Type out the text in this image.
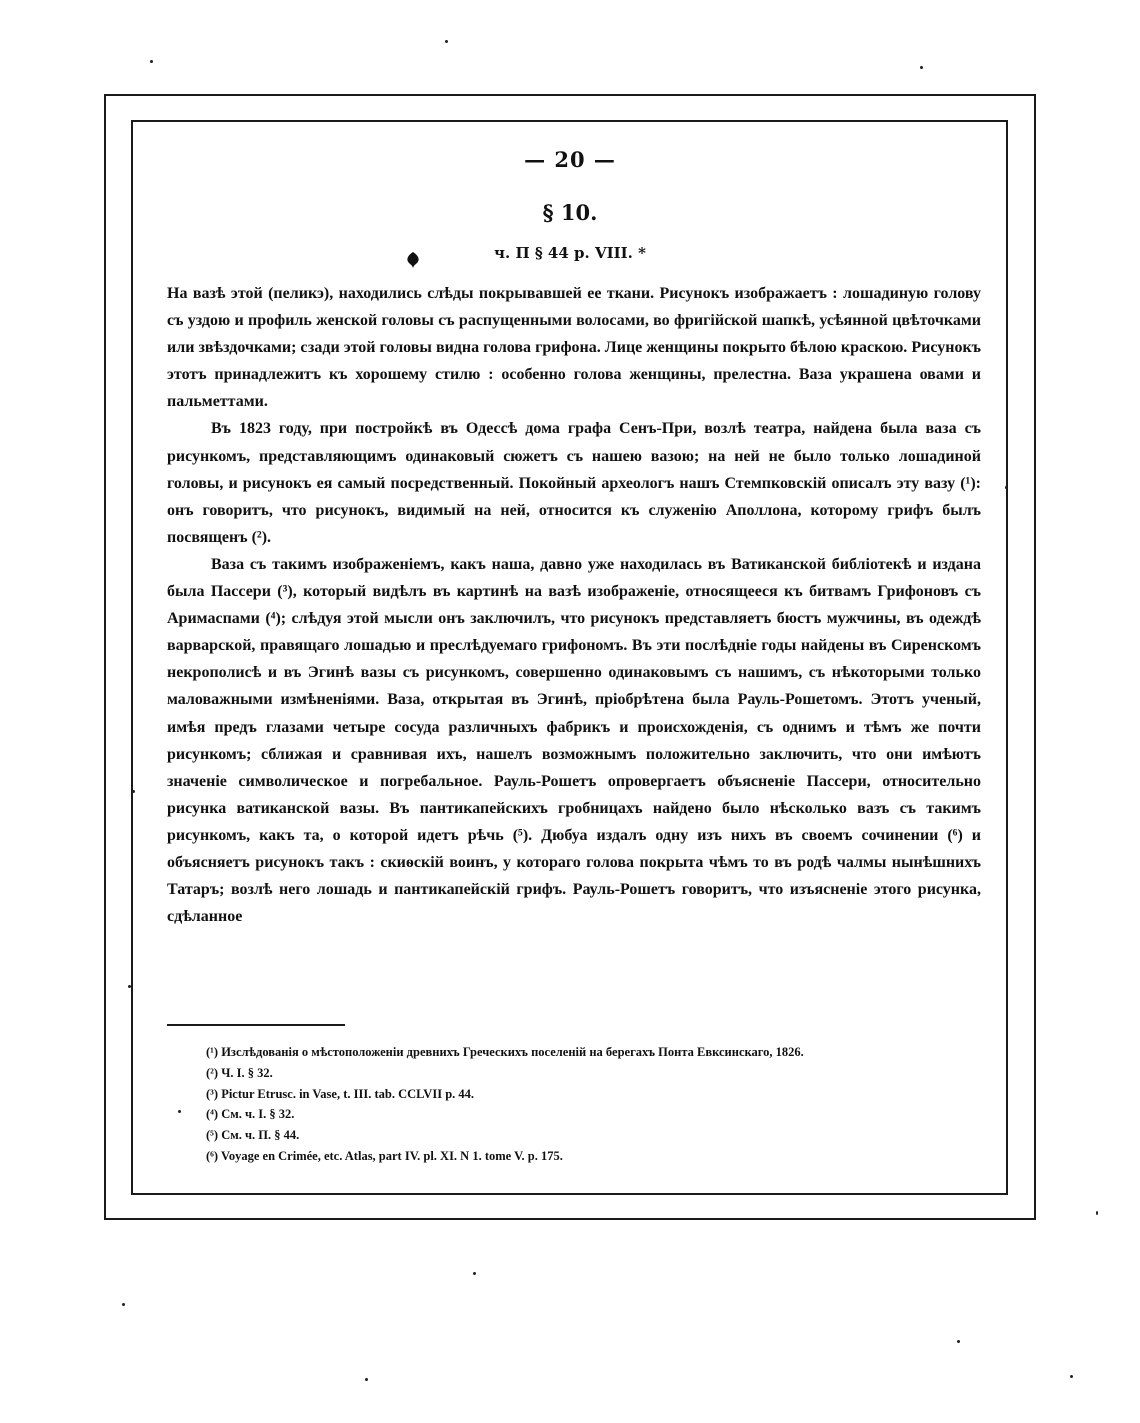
— 20 —
§ 10.
ч. П § 44 р. VIII. *

На вазѣ этой (пеликэ), находились слѣды покрывавшей ее ткани. Рисунокъ изображаетъ : лошадиную голову съ уздою и профиль женской головы съ распущенными волосами, во фригійской шапкѣ, усѣянной цвѣточками или звѣздочками; сзади этой головы видна голова грифона. Лице женщины покрыто бѣлою краскою. Рисунокъ этотъ принадлежитъ къ хорошему стилю : особенно голова женщины, прелестна. Ваза украшена овами и пальметтами.

Въ 1823 году, при постройкѣ въ Одессѣ дома графа Сенъ-При, возлѣ театра, найдена была ваза съ рисункомъ, представляющимъ одинаковый сюжетъ съ нашею вазою; на ней не было только лошадиной головы, и рисунокъ ея самый посредственный. Покойный археологъ нашъ Стемпковскій описалъ эту вазу (¹): онъ говоритъ, что рисунокъ, видимый на ней, относится къ служенію Аполлона, которому грифъ былъ посвященъ (²).

Ваза съ такимъ изображеніемъ, какъ наша, давно уже находилась въ Ватиканской библіотекѣ и издана была Пассери (³), который видѣлъ въ картинѣ на вазѣ изображеніе, относящееся къ битвамъ Грифоновъ съ Аримаспами (⁴); слѣдуя этой мысли онъ заключилъ, что рисунокъ представляетъ бюстъ мужчины, въ одеждѣ варварской, правящаго лошадью и преслѣдуемаго грифономъ. Въ эти послѣдніе годы найдены въ Сиренскомъ некрополисѣ и въ Эгинѣ вазы съ рисункомъ, совершенно одинаковымъ съ нашимъ, съ нѣкоторыми только маловажными измѣненіями. Ваза, открытая въ Эгинѣ, пріобрѣтена была Рауль-Рошетомъ. Этотъ ученый, имѣя предъ глазами четыре сосуда различныхъ фабрикъ и происхожденія, съ однимъ и тѣмъ же почти рисункомъ; сближая и сравнивая ихъ, нашелъ возможнымъ положительно заключить, что они имѣютъ значеніе символическое и погребальное. Рауль-Рошетъ опровергаетъ объясненіе Пассери, относительно рисунка ватиканской вазы. Въ пантикапейскихъ гробницахъ найдено было нѣсколько вазъ съ такимъ рисункомъ, какъ та, о которой идетъ рѣчь (⁵). Дюбуа издалъ одну изъ нихъ въ своемъ сочинении (⁶) и объясняетъ рисунокъ такъ : скиѳскій воинъ, у котораго голова покрыта чѣмъ то въ родѣ чалмы нынѣшнихъ Татаръ; возлѣ него лошадь и пантикапейскій грифъ. Рауль-Рошетъ говоритъ, что изъясненіе этого рисунка, сдѣланное

(¹) Изслѣдованія о мѣстоположеніи древнихъ Греческихъ поселеній на берегахъ Понта Евксинскаго, 1826.
(²) Ч. I. § 32.
(³) Pictur Etrusc. in Vase, t. III. tab. CCLVII p. 44.
(⁴) См. ч. I. § 32.
(⁵) См. ч. П. § 44.
(⁶) Voyage en Crimée, etc. Atlas, part IV. pl. XI. N 1. tome V. p. 175.
